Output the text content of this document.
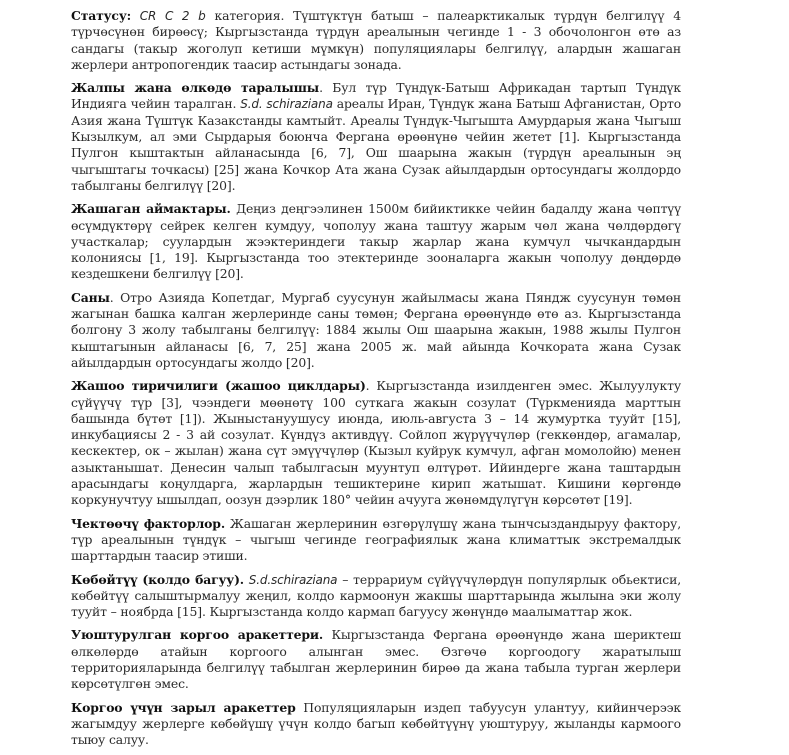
Статусу: CR C 2 b категория. Түштүктүн батыш – палеарктикалык түрдүн белгилүү 4 түрчөсүнөн бирөөсү; Кыргызстанда түрдүн ареалынын чегинде 1 - 3 обочолонгон өтө аз сандагы (такыр жоголуп кетиши мүмкүн) популяциялары белгилүү, алардын жашаган жерлери антропогендик таасир астындагы зонада.

Жалпы жана өлкөдө таралышы. Бул түр Түндүк-Батыш Африкадан тартып Түндүк Индияга чейин таралган. S.d. schiraziana ареалы Иран, Түндүк жана Батыш Афганистан, Орто Азия жана Түштүк Казакстанды камтыйт. Ареалы Түндүк-Чыгышта Амурдарыя жана Чыгыш Кызылкум, ал эми Сырдарыя боюнча Фергана өрөөнүнө чейин жетет [1]. Кыргызстанда Пулгон кыштактын айланасында [6, 7], Ош шаарына жакын (түрдүн ареалынын эң чыгыштагы точкасы) [25] жана Кочкор Ата жана Сузак айылдардын ортосундагы жолдордо табылганы белгилүү [20].

Жашаган аймактары. Деңиз деңгээлинен 1500м бийиктикке чейин бадалду жана чөптүү өсүмдүктөрү сейрек келген кумдуу, чополуу жана таштуу жарым чөл жана чөлдөрдөгү участкалар; суулардын жээктериндеги такыр жарлар жана кумчул чычкандардын колониясы [1, 19]. Кыргызстанда тоо этектеринде зооналарга жакын чополуу дөңдөрдө кездешкени белгилүү [20].

Саны. Отро Азияда Копетдаг, Мургаб суусунун жайылмасы жана Пяндж суусунун төмөн жагынан башка калган жерлеринде саны төмөн; Фергана өрөөнүндө өтө аз. Кыргызстанда болгону 3 жолу табылганы белгилүү: 1884 жылы Ош шаарына жакын, 1988 жылы Пулгон кыштагынын айланасы [6, 7, 25] жана 2005 ж. май айында Кочкората жана Сузак айылдардын ортосундагы жолдо [20].

Жашоо тиричилиги (жашоо циклдары). Кыргызстанда изилденген эмес. Жылуулукту сүйүүчү түр [3], чээндеги мөөнөтү 100 суткага жакын созулат (Түркменияда марттын башында бүтөт [1]). Жыныстануушусу июнда, июль-августа 3 – 14 жумуртка тууйт [15], инкубациясы 2 - 3 ай созулат. Күндүз активдүү. Сойлоп жүрүүчүлөр (геккөндөр, агамалар, кескектер, ок – жылан) жана сүт эмүүчүлөр (Кызыл куйрук кумчул, афган момолойю) менен азыктанышат. Денесин чалып табылгасын муунтуп өлтүрөт. Ийиндерге жана таштардын арасындагы коңулдарга, жарлардын тешиктерине кирип жатышат. Кишини көргөндө коркунучтуу ышылдап, оозун дээрлик 180° чейин ачууга жөнөмдүлүгүн көрсөтөт [19].

Чектөөчү факторлор. Жашаган жерлеринин өзгөрүлүшү жана тынчсыздандыруу фактору, түр ареалынын түндүк – чыгыш чегинде географиялык жана климаттык экстремалдык шарттардын таасир этиши.

Көбөйтүү (колдо багуу). S.d.schiraziana – террариум сүйүүчүлөрдүн популярлык обьектиси, көбөйтүү салыштырмалуу жеңил, колдо кармоонун жакшы шарттарында жылына эки жолу тууйт – ноябрда [15]. Кыргызстанда колдо кармап багуусу жөнүндө маалыматтар жок.

Уюштурулган коргоо аракеттери. Кыргызстанда Фергана өрөөнүндө жана шериктеш өлкөлөрдө атайын коргоого алынган эмес. Өзгөчө коргоодогу жаратылыш территорияларында белгилүү табылган жерлеринин бирөө да жана табыла турган жерлери көрсөтүлгөн эмес.

Коргоо үчүн зарыл аракеттер Популяцияларын издеп табуусун улантуу, кийинчерээк жагымдуу жерлерге көбөйүшү үчүн колдо багып көбөйтүүнү уюштуруу, жыланды кармоого тыюу салуу.
